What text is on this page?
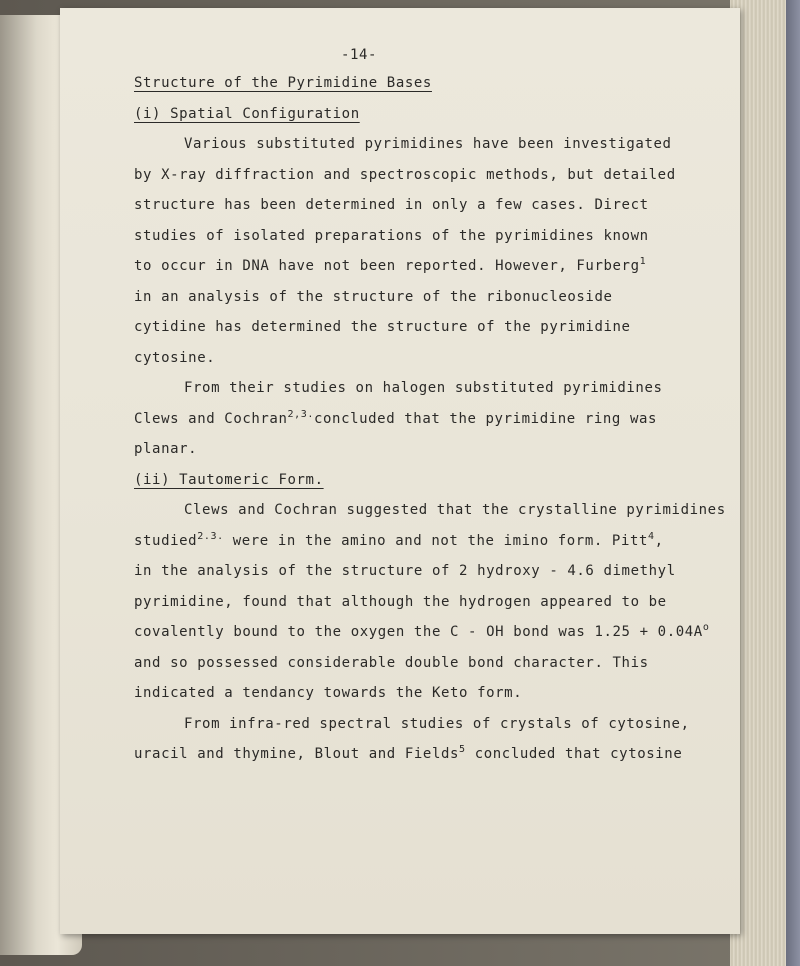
-14-
Structure of the Pyrimidine Bases
(i) Spatial Configuration
Various substituted pyrimidines have been investigated
by X-ray diffraction and spectroscopic methods, but detailed
structure has been determined in only a few cases. Direct
studies of isolated preparations of the pyrimidines known
to occur in DNA have not been reported. However, Furberg$^1$
in an analysis of the structure of the ribonucleoside
cytidine has determined the structure of the pyrimidine
cytosine.
From their studies on halogen substituted pyrimidines
Clews and Cochran$^{2,3.}$concluded that the pyrimidine ring was
planar.
(ii) Tautomeric Form.
Clews and Cochran suggested that the crystalline pyrimidines
studied$^{2.3.}$ were in the amino and not the imino form. Pitt$^4$,
in the analysis of the structure of 2 hydroxy - 4.6 dimethyl
pyrimidine, found that although the hydrogen appeared to be
covalently bound to the oxygen the C - OH bond was $1.25 + 0.04A^o$
and so possessed considerable double bond character. This
indicated a tendancy towards the Keto form.
From infra-red spectral studies of crystals of cytosine,
uracil and thymine, Blout and Fields$^5$ concluded that cytosine
